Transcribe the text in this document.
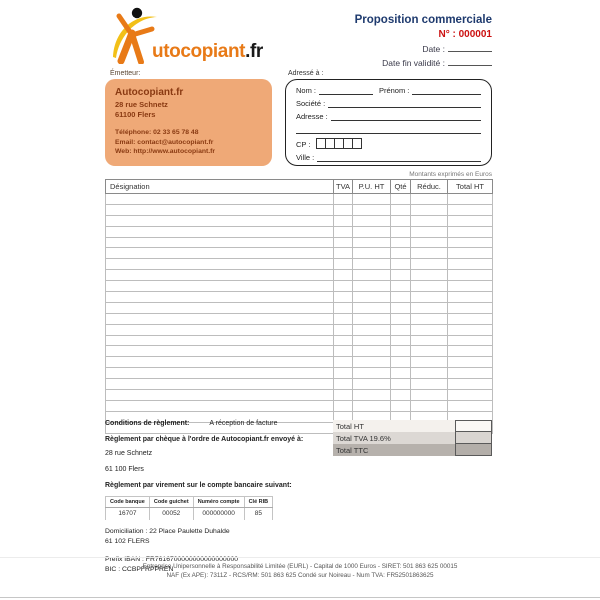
utocopiant.fr
Proposition commerciale
N° : 000001
Date :
Date fin validité :
Émetteur:
Autocopiant.fr
28 rue Schnetz
61100 Flers
Téléphone: 02 33 65 78 48
Email: contact@autocopiant.fr
Web: http://www.autocopiant.fr
Adressé à :
Nom :	Prénom :
Société :
Adresse :
CP :
Ville :
Montants exprimés en Euros
Désignation	TVA	P.U. HT	Qté	Réduc.	Total HT

Conditions de règlement:	A réception de facture
Règlement par chèque à l'ordre de Autocopiant.fr envoyé à:
28 rue Schnetz
61 100 Flers
Règlement par virement sur le compte bancaire suivant:
Code banque	Code guichet	Numéro compte	Clé RIB
16707	00052	000000000	85
Domiciliation : 22 Place Paulette Duhalde
61 102 FLERS
Prefix IBAN : FR7616700000000000000000
BIC : CCBPFRPPREN
Total HT
Total TVA 19.6%
Total TTC
Entreprise Unipersonnelle à Responsabilité Limitée (EURL) - Capital de 1000 Euros - SIRET: 501 863 625 00015
NAF (Ex APE): 7311Z - RCS/RM: 501 863 625 Condé sur Noireau - Num TVA: FR52501863625
